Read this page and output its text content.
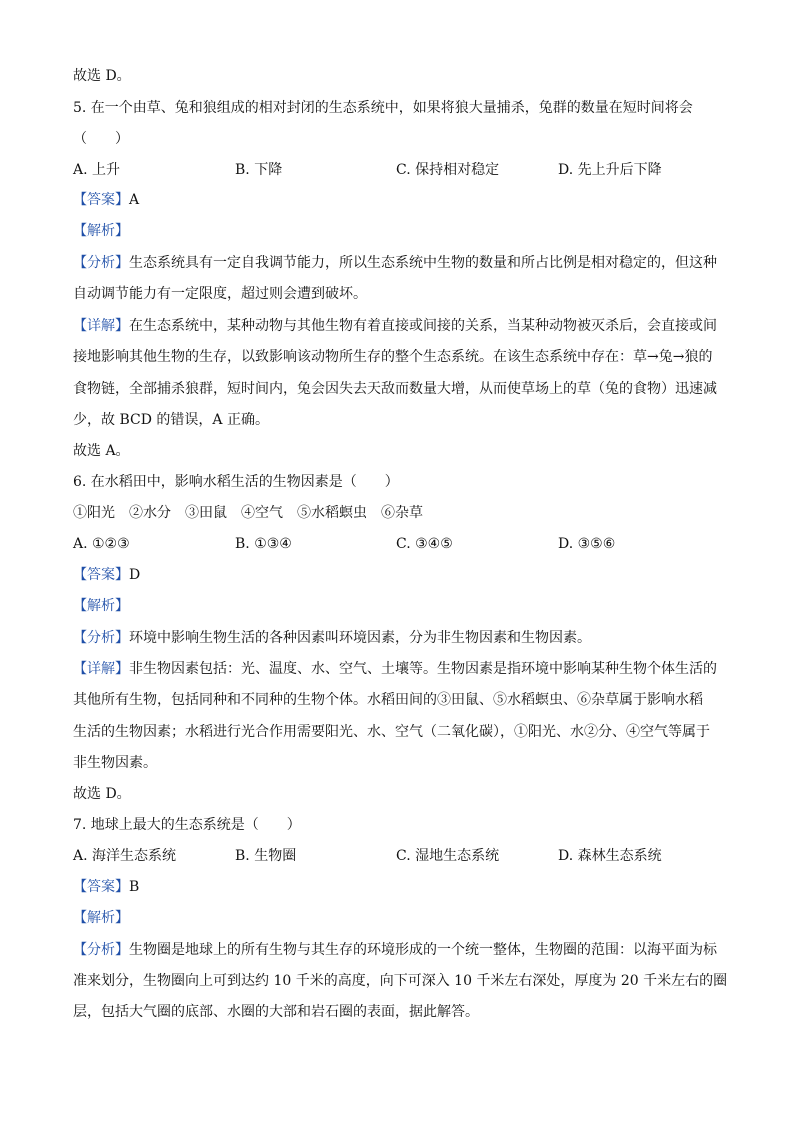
故选 D。
5. 在一个由草、兔和狼组成的相对封闭的生态系统中，如果将狼大量捕杀，兔群的数量在短时间将会
（　　）
A. 上升	B. 下降	C. 保持相对稳定	D. 先上升后下降
【答案】A
【解析】
【分析】生态系统具有一定自我调节能力，所以生态系统中生物的数量和所占比例是相对稳定的，但这种
自动调节能力有一定限度，超过则会遭到破坏。
【详解】在生态系统中，某种动物与其他生物有着直接或间接的关系，当某种动物被灭杀后，会直接或间
接地影响其他生物的生存，以致影响该动物所生存的整个生态系统。在该生态系统中存在：草→兔→狼的
食物链，全部捕杀狼群，短时间内，兔会因失去天敌而数量大增，从而使草场上的草（兔的食物）迅速减
少，故 BCD 的错误，A 正确。
故选 A。
6. 在水稻田中，影响水稻生活的生物因素是（　　）
①阳光　②水分　③田鼠　④空气　⑤水稻螟虫　⑥杂草
A. ①②③	B. ①③④	C. ③④⑤	D. ③⑤⑥
【答案】D
【解析】
【分析】环境中影响生物生活的各种因素叫环境因素，分为非生物因素和生物因素。
【详解】非生物因素包括：光、温度、水、空气、土壤等。生物因素是指环境中影响某种生物个体生活的
其他所有生物，包括同种和不同种的生物个体。水稻田间的③田鼠、⑤水稻螟虫、⑥杂草属于影响水稻
生活的生物因素；水稻进行光合作用需要阳光、水、空气（二氧化碳），①阳光、水②分、④空气等属于
非生物因素。
故选 D。
7. 地球上最大的生态系统是（　　）
A. 海洋生态系统	B. 生物圈	C. 湿地生态系统	D. 森林生态系统
【答案】B
【解析】
【分析】生物圈是地球上的所有生物与其生存的环境形成的一个统一整体，生物圈的范围：以海平面为标
准来划分，生物圈向上可到达约 10 千米的高度，向下可深入 10 千米左右深处，厚度为 20 千米左右的圈
层，包括大气圈的底部、水圈的大部和岩石圈的表面，据此解答。
